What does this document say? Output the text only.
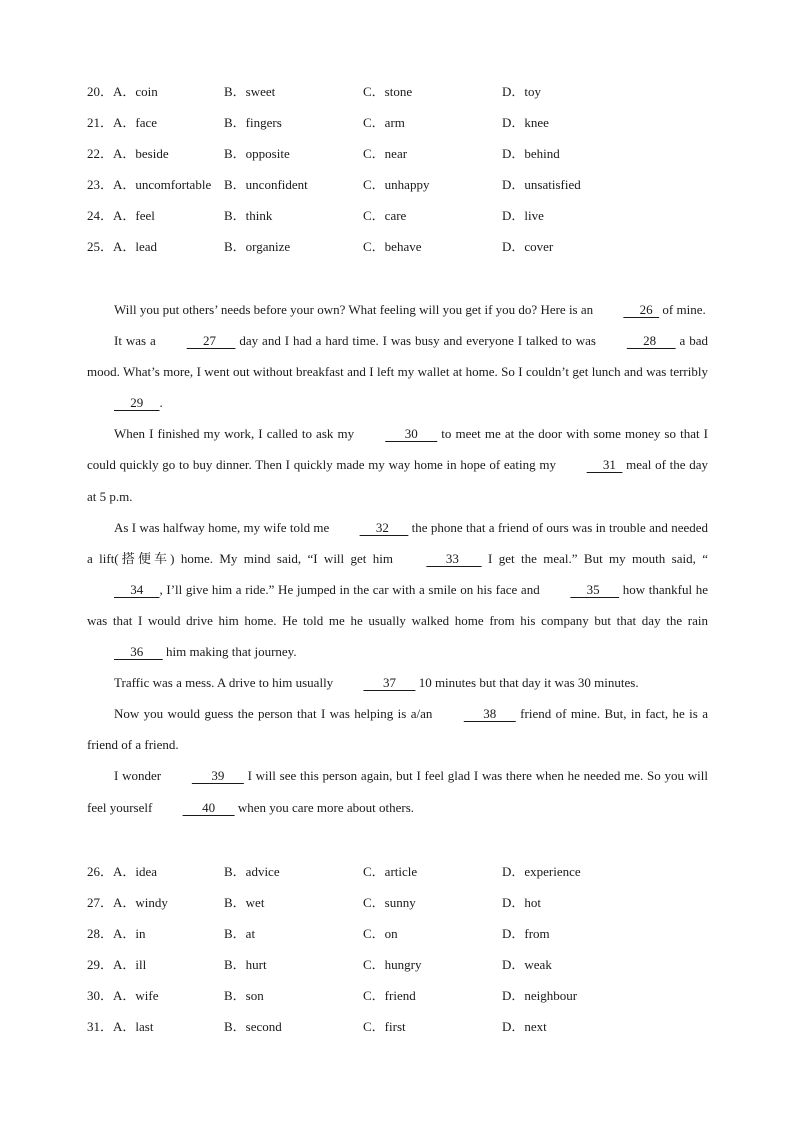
20．A．coin	B．sweet	C．stone	D．toy
21．A．face	B．fingers	C．arm	D．knee
22．A．beside	B．opposite	C．near	D．behind
23．A．uncomfortable B．unconfident	C．unhappy	D．unsatisfied
24．A．feel	B．think	C．care	D．live
25．A．lead	B．organize	C．behave	D．cover

Will you put others’ needs before your own? What feeling will you get if you do? Here is an      26   of mine.

It was a      27       day and I had a hard time. I was busy and everyone I talked to was      28       a bad mood. What’s more, I went out without breakfast and I left my wallet at home. So I couldn’t get lunch and was terribly      29     .

When I finished my work, I called to ask my       30       to meet me at the door with some money so that I could quickly go to buy dinner. Then I quickly made my way home in hope of eating my      31   meal of the day at 5 p.m.

As I was halfway home, my wife told me      32       the phone that a friend of ours was in trouble and needed a lift(搭便车) home. My mind said, “I will get him       33        I get the meal.” But my mouth said, “     34     , I’ll give him a ride.” He jumped in the car with a smile on his face and      35       how thankful he was that I would drive him home. He told me he usually walked home from his company but that day the rain      36       him making that journey.

Traffic was a mess. A drive to him usually       37       10 minutes but that day it was 30 minutes.

Now you would guess the person that I was helping is a/an       38       friend of mine. But, in fact, he is a friend of a friend.

I wonder       39       I will see this person again, but I feel glad I was there when he needed me. So you will feel yourself       40       when you care more about others.

26．A．idea	B．advice	C．article	D．experience
27．A．windy	B．wet	C．sunny	D．hot
28．A．in	B．at	C．on	D．from
29．A．ill	B．hurt	C．hungry	D．weak
30．A．wife	B．son	C．friend	D．neighbour
31．A．last	B．second	C．first	D．next
